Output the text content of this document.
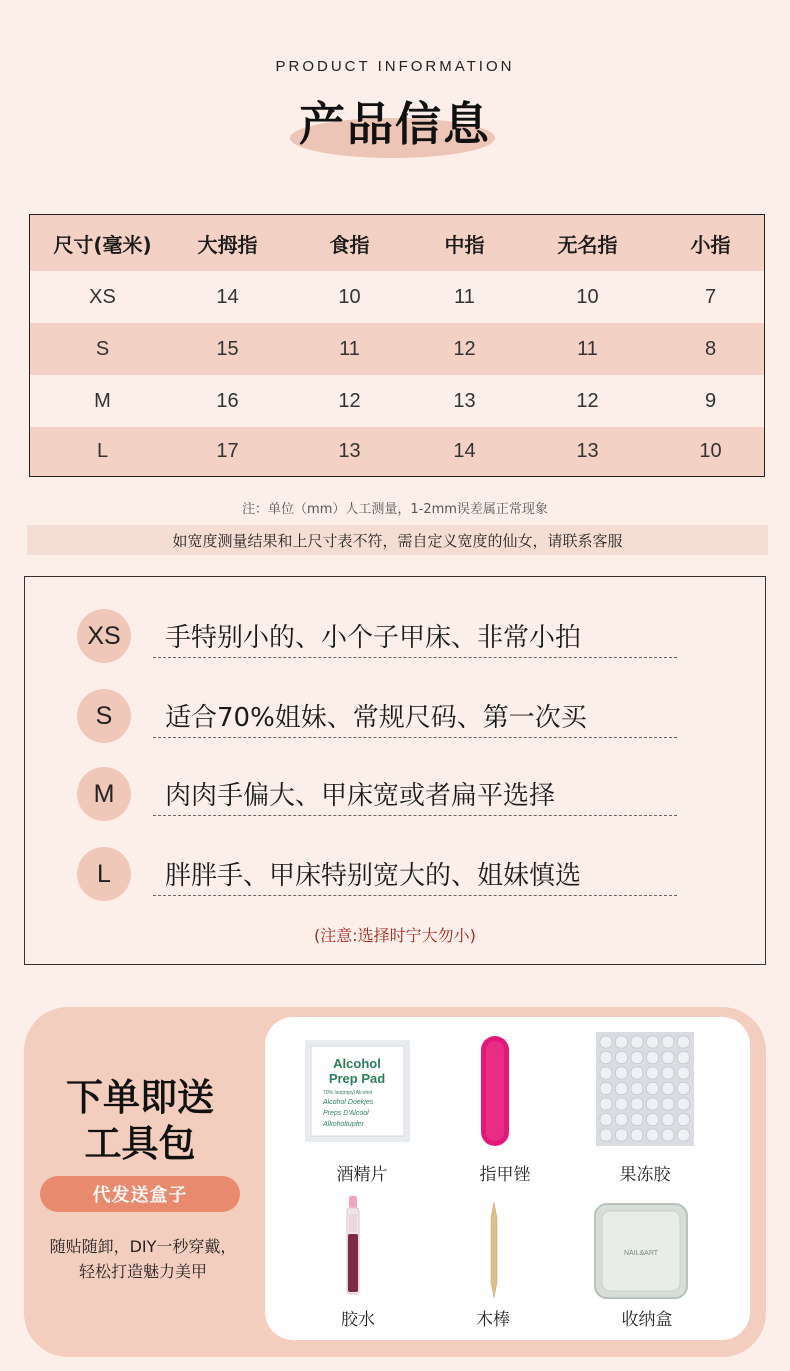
PRODUCT INFORMATION
产品信息
尺寸(毫米)	大拇指	食指	中指	无名指	小指
XS	14	10	11	10	7
S	15	11	12	11	8
M	16	12	13	12	9
L	17	13	14	13	10
注：单位（mm）人工测量，1-2mm误差属正常现象
如宽度测量结果和上尺寸表不符，需自定义宽度的仙女，请联系客服
XS	手特别小的、小个子甲床、非常小拍
S	适合70%姐妹、常规尺码、第一次买
M	肉肉手偏大、甲床宽或者扁平选择
L	胖胖手、甲床特别宽大的、姐妹慎选
(注意:选择时宁大勿小)
下单即送
工具包
代发送盒子
随贴随卸，DIY一秒穿戴，
轻松打造魅力美甲
Alcohol
Prep Pad
70% Isopropyl Alcohol
Alcohol Doekjes
Preps D'Alcool
Alkoholtupfer
酒精片	指甲锉	果冻胶
胶水	木棒
NAIL&ART
收纳盒
